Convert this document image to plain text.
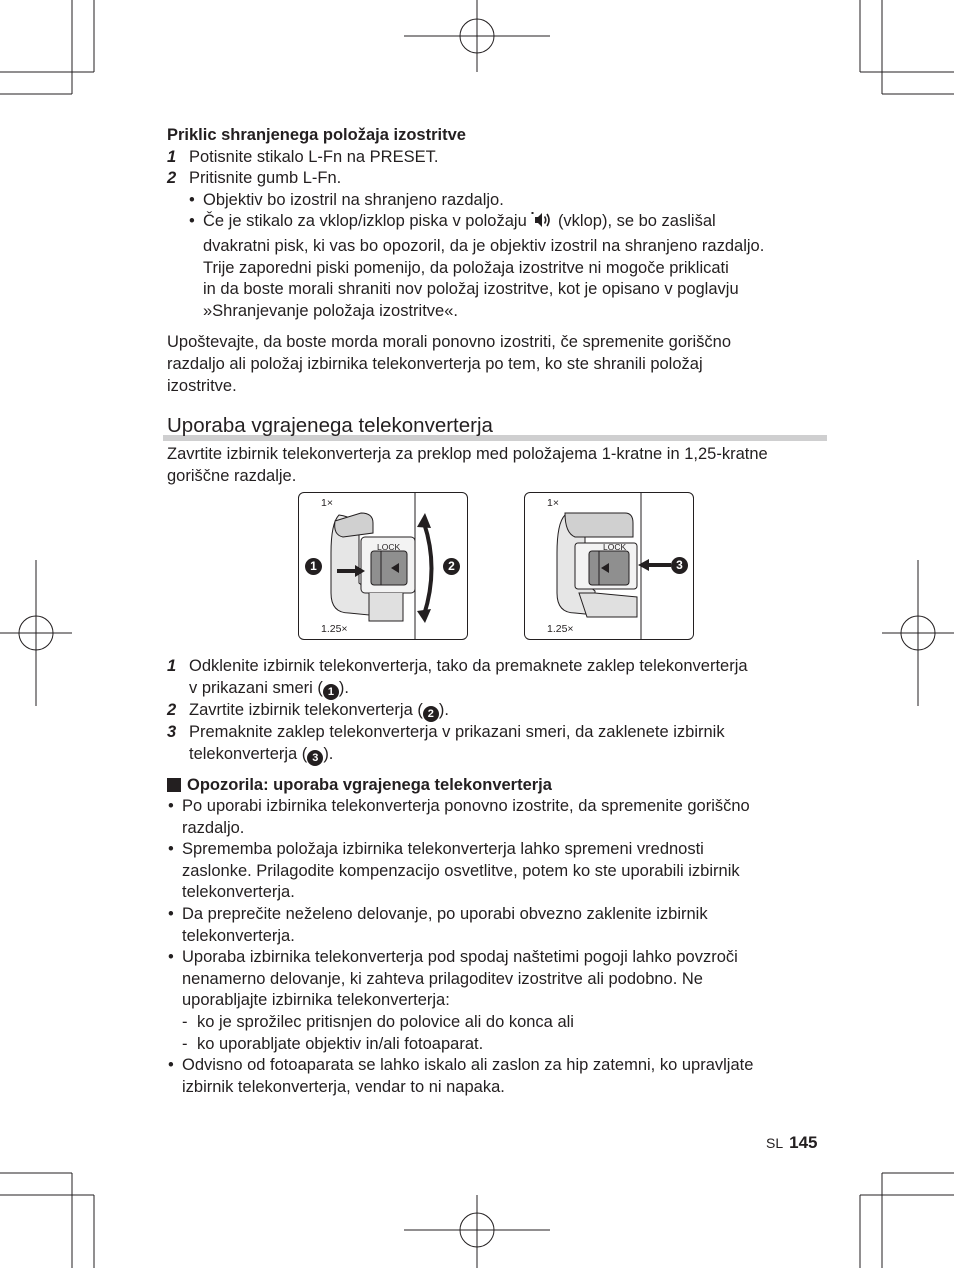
Priklic shranjenega položaja izostritve
1 Potisnite stikalo L-Fn na PRESET.
2 Pritisnite gumb L-Fn.
• Objektiv bo izostril na shranjeno razdaljo.
• Če je stikalo za vklop/izklop piska v položaju (vklop), se bo zaslišal
dvakratni pisk, ki vas bo opozoril, da je objektiv izostril na shranjeno razdaljo.
Trije zaporedni piski pomenijo, da položaja izostritve ni mogoče priklicati
in da boste morali shraniti nov položaj izostritve, kot je opisano v poglavju
»Shranjevanje položaja izostritve«.
Upoštevajte, da boste morda morali ponovno izostriti, če spremenite goriščno
razdaljo ali položaj izbirnika telekonverterja po tem, ko ste shranili položaj
izostritve.
Uporaba vgrajenega telekonverterja
Zavrtite izbirnik telekonverterja za preklop med položajema 1-kratne in 1,25-kratne
goriščne razdalje.
1×
1.25×
LOCK
1	2
1×
1.25×
LOCK
3
1 Odklenite izbirnik telekonverterja, tako da premaknete zaklep telekonverterja
v prikazani smeri ( 1 ).
2 Zavrtite izbirnik telekonverterja ( 2 ).
3 Premaknite zaklep telekonverterja v prikazani smeri, da zaklenete izbirnik
telekonverterja ( 3 ).
Opozorila: uporaba vgrajenega telekonverterja
• Po uporabi izbirnika telekonverterja ponovno izostrite, da spremenite goriščno
razdaljo.
• Sprememba položaja izbirnika telekonverterja lahko spremeni vrednosti
zaslonke. Prilagodite kompenzacijo osvetlitve, potem ko ste uporabili izbirnik
telekonverterja.
• Da preprečite neželeno delovanje, po uporabi obvezno zaklenite izbirnik
telekonverterja.
• Uporaba izbirnika telekonverterja pod spodaj naštetimi pogoji lahko povzroči
nenamerno delovanje, ki zahteva prilagoditev izostritve ali podobno. Ne
uporabljajte izbirnika telekonverterja:
- ko je sprožilec pritisnjen do polovice ali do konca ali
- ko uporabljate objektiv in/ali fotoaparat.
• Odvisno od fotoaparata se lahko iskalo ali zaslon za hip zatemni, ko upravljate
izbirnik telekonverterja, vendar to ni napaka.
SL 145
